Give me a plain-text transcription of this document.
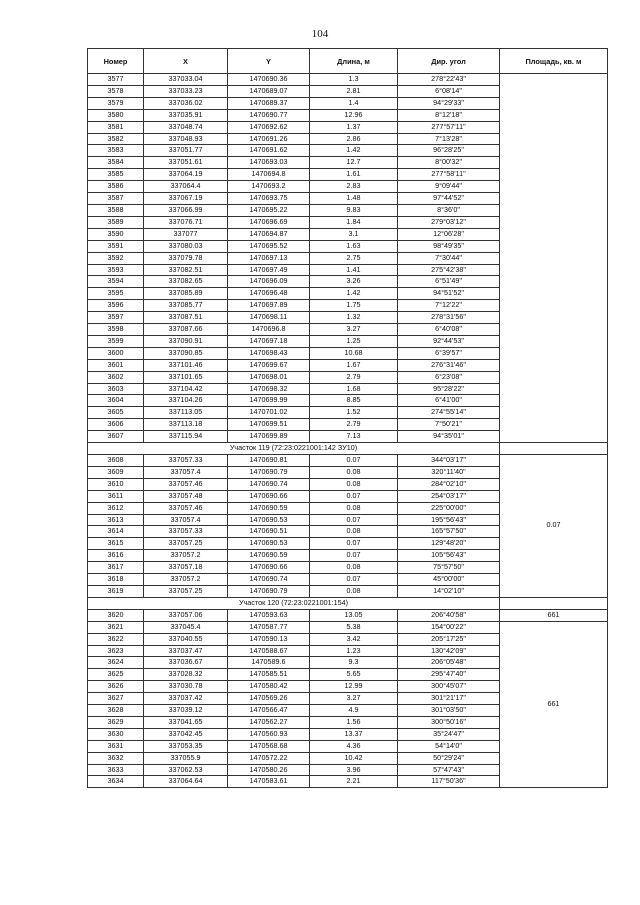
104
Номер	X	Y	Длина, м	Дир. угол	Площадь, кв. м
3577	337033.04	1470690.36	1.3	278°22'43"	
3578	337033.23	1470689.07	2.81	6°08'14"	
3579	337036.02	1470689.37	1.4	94°29'33"	
3580	337035.91	1470690.77	12.96	8°12'18"	
3581	337048.74	1470692.62	1.37	277°57'11"	
3582	337048.93	1470691.26	2.86	7°13'28"	
3583	337051.77	1470691.62	1.42	96°28'25"	
3584	337051.61	1470693.03	12.7	8°00'32"	
3585	337064.19	1470694.8	1.61	277°58'11"	
3586	337064.4	1470693.2	2.83	9°09'44"	
3587	337067.19	1470693.75	1.48	97°44'52"	
3588	337066.99	1470695.22	9.83	8°36'0"	
3589	337076.71	1470696.69	1.84	279°03'12"	
3590	337077	1470694.87	3.1	12°06'28"	
3591	337080.03	1470695.52	1.63	98°49'35"	
3592	337079.78	1470697.13	2.75	7°30'44"	
3593	337082.51	1470697.49	1.41	275°42'38"	
3594	337082.65	1470696.09	3.26	6°51'49"	
3595	337085.89	1470696.48	1.42	94°51'52"	
3596	337085.77	1470697.89	1.75	7°12'22"	
3597	337087.51	1470698.11	1.32	278°31'56"	
3598	337087.66	1470696.8	3.27	6°40'08"	
3599	337090.91	1470697.18	1.25	92°44'53"	
3600	337090.85	1470698.43	10.68	6°39'57"	
3601	337101.46	1470699.67	1.67	276°31'46"	
3602	337101.65	1470698.01	2.79	6°23'08"	
3603	337104.42	1470698.32	1.68	95°28'22"	
3604	337104.26	1470699.99	8.85	6°41'00"	
3605	337113.05	1470701.02	1.52	274°55'14"	
3606	337113.18	1470699.51	2.79	7°50'21"	
3607	337115.94	1470699.89	7.13	94°35'01"	
Участок 119 (72:23:0221001:142 ЗУ10)					
3608	337057.33	1470690.81	0.07	344°03'17"	0.07
3609	337057.4	1470690.79	0.08	320°11'40"	
3610	337057.46	1470690.74	0.08	284°02'10"	
3611	337057.48	1470690.66	0.07	254°03'17"	
3612	337057.46	1470690.59	0.08	225°00'00"	
3613	337057.4	1470690.53	0.07	195°56'43"	
3614	337057.33	1470690.51	0.08	165°57'50"	
3615	337057.25	1470690.53	0.07	129°48'20"	
3616	337057.2	1470690.59	0.07	105°56'43"	
3617	337057.18	1470690.66	0.08	75°57'50"	
3618	337057.2	1470690.74	0.07	45°00'00"	
3619	337057.25	1470690.79	0.08	14°02'10"	
Участок 120 (72:23:0221001:154)					
3620	337057.06	1470593.63	13.05	206°40'58"	661
3621	337045.4	1470587.77	5.38	154°00'22"	661
3622	337040.55	1470590.13	3.42	205°17'25"	
3623	337037.47	1470588.67	1.23	130°42'09"	
3624	337036.67	1470589.6	9.3	206°05'48"	
3625	337028.32	1470585.51	5.65	295°47'40"	
3626	337030.78	1470580.42	12.99	300°45'07"	
3627	337037.42	1470569.26	3.27	301°21'17"	
3628	337039.12	1470566.47	4.9	301°03'50"	
3629	337041.65	1470562.27	1.56	300°50'16"	
3630	337042.45	1470560.93	13.37	35°24'47"	
3631	337053.35	1470568.68	4.36	54°14'0"	
3632	337055.9	1470572.22	10.42	50°29'24"	
3633	337062.53	1470580.26	3.96	57°47'43"	
3634	337064.64	1470583.61	2.21	117°50'36"	
